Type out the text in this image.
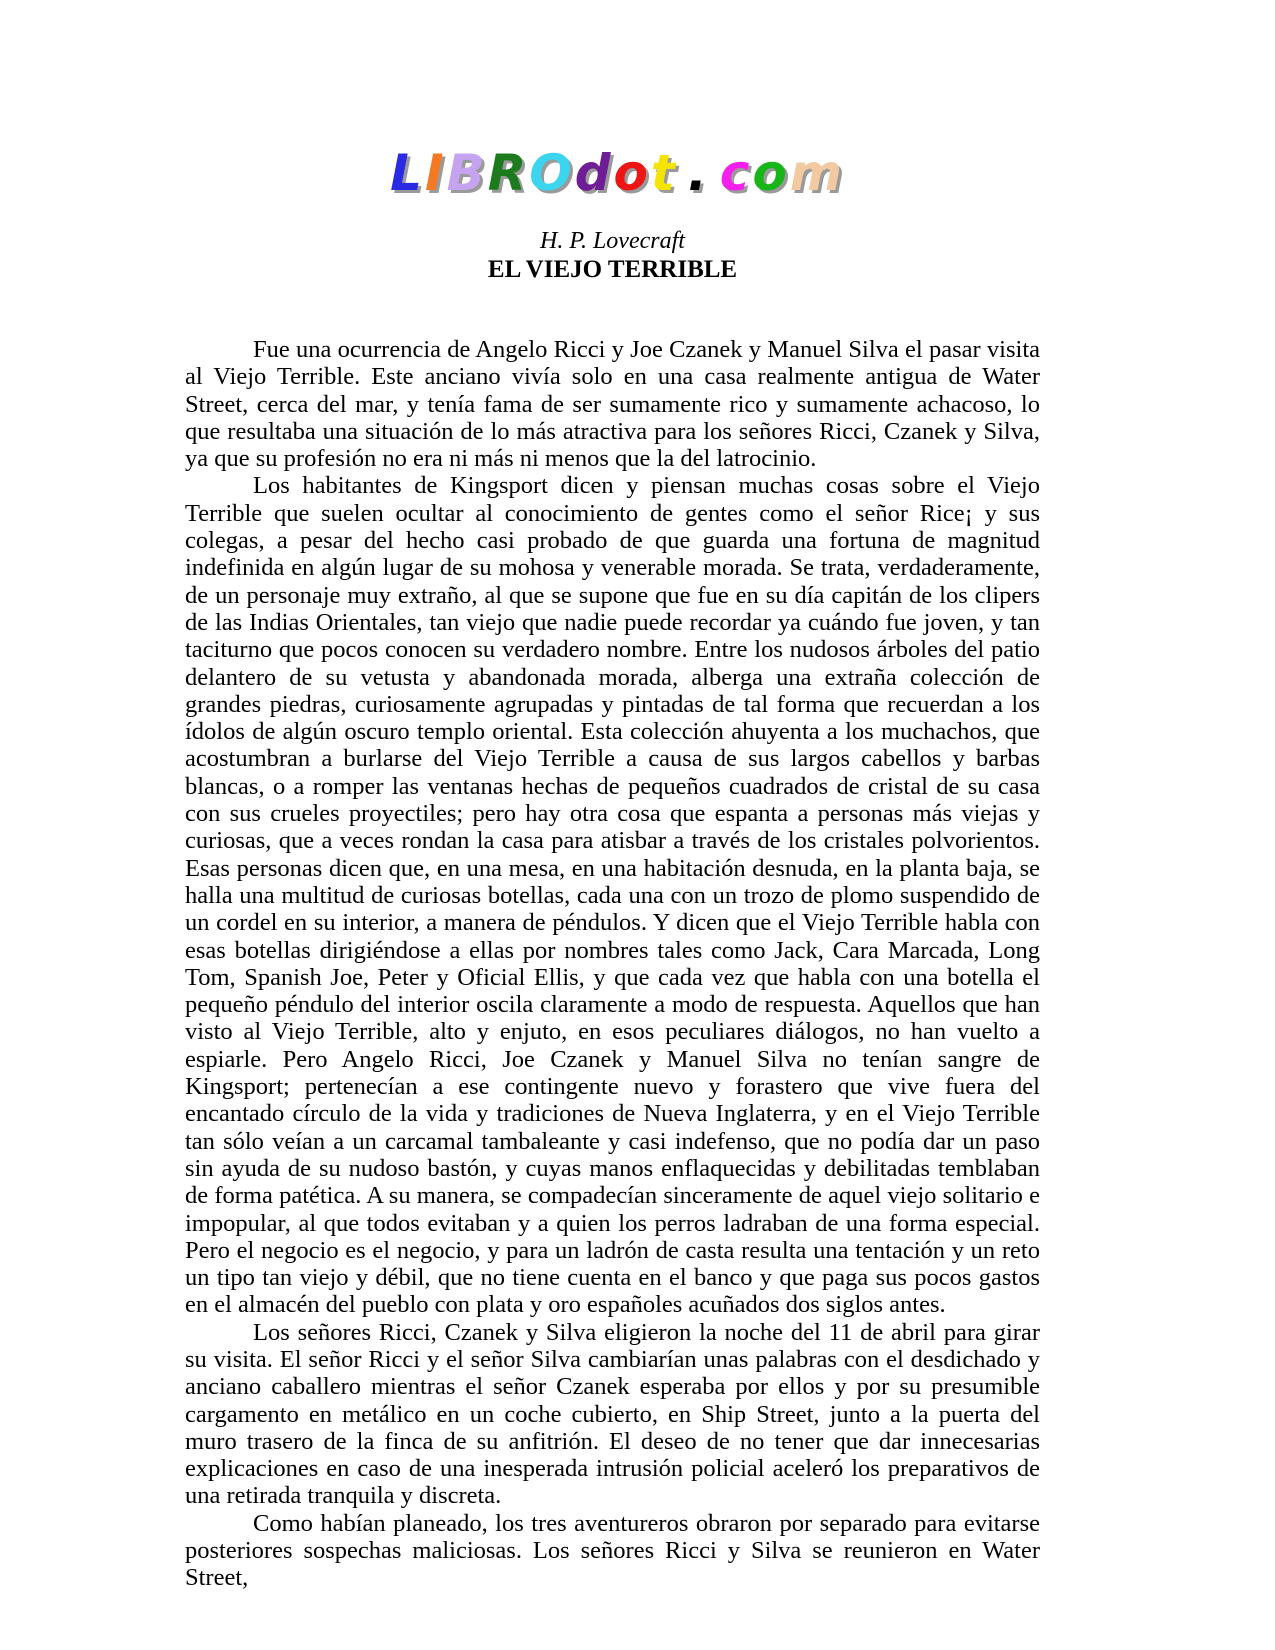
LIBROdot . com
H. P. Lovecraft
EL VIEJO TERRIBLE

Fue una ocurrencia de Angelo Ricci y Joe Czanek y Manuel Silva el pasar visita al Viejo Terrible. Este anciano vivía solo en una casa realmente antigua de Water Street, cerca del mar, y tenía fama de ser sumamente rico y sumamente achacoso, lo que resultaba una situación de lo más atractiva para los señores Ricci, Czanek y Silva, ya que su profesión no era ni más ni menos que la del latrocinio.

Los habitantes de Kingsport dicen y piensan muchas cosas sobre el Viejo Terrible que suelen ocultar al conocimiento de gentes como el señor Rice¡ y sus colegas, a pesar del hecho casi probado de que guarda una fortuna de magnitud indefinida en algún lugar de su mohosa y venerable morada. Se trata, verdaderamente, de un personaje muy extraño, al que se supone que fue en su día capitán de los clipers de las Indias Orientales, tan viejo que nadie puede recordar ya cuándo fue joven, y tan taciturno que pocos conocen su verdadero nombre. Entre los nudosos árboles del patio delantero de su vetusta y abandonada morada, alberga una extraña colección de grandes piedras, curiosamente agrupadas y pintadas de tal forma que recuerdan a los ídolos de algún oscuro templo oriental. Esta colección ahuyenta a los muchachos, que acostumbran a burlarse del Viejo Terrible a causa de sus largos cabellos y barbas blancas, o a romper las ventanas hechas de pequeños cuadrados de cristal de su casa con sus crueles proyectiles; pero hay otra cosa que espanta a personas más viejas y curiosas, que a veces rondan la casa para atisbar a través de los cristales polvorientos. Esas personas dicen que, en una mesa, en una habitación desnuda, en la planta baja, se halla una multitud de curiosas botellas, cada una con un trozo de plomo suspendido de un cordel en su interior, a manera de péndulos. Y dicen que el Viejo Terrible habla con esas botellas dirigiéndose a ellas por nombres tales como Jack, Cara Marcada, Long Tom, Spanish Joe, Peter y Oficial Ellis, y que cada vez que habla con una botella el pequeño péndulo del interior oscila claramente a modo de respuesta. Aquellos que han visto al Viejo Terrible, alto y enjuto, en esos peculiares diálogos, no han vuelto a espiarle. Pero Angelo Ricci, Joe Czanek y Manuel Silva no tenían sangre de Kingsport; pertenecían a ese contingente nuevo y forastero que vive fuera del encantado círculo de la vida y tradiciones de Nueva Inglaterra, y en el Viejo Terrible tan sólo veían a un carcamal tambaleante y casi indefenso, que no podía dar un paso sin ayuda de su nudoso bastón, y cuyas manos enflaquecidas y debilitadas temblaban de forma patética. A su manera, se compadecían sinceramente de aquel viejo solitario e impopular, al que todos evitaban y a quien los perros ladraban de una forma especial. Pero el negocio es el negocio, y para un ladrón de casta resulta una tentación y un reto un tipo tan viejo y débil, que no tiene cuenta en el banco y que paga sus pocos gastos en el almacén del pueblo con plata y oro españoles acuñados dos siglos antes.

Los señores Ricci, Czanek y Silva eligieron la noche del 11 de abril para girar su visita. El señor Ricci y el señor Silva cambiarían unas palabras con el desdichado y anciano caballero mientras el señor Czanek esperaba por ellos y por su presumible cargamento en metálico en un coche cubierto, en Ship Street, junto a la puerta del muro trasero de la finca de su anfitrión. El deseo de no tener que dar innecesarias explicaciones en caso de una inesperada intrusión policial aceleró los preparativos de una retirada tranquila y discreta.

Como habían planeado, los tres aventureros obraron por separado para evitarse posteriores sospechas maliciosas. Los señores Ricci y Silva se reunieron en Water Street,
